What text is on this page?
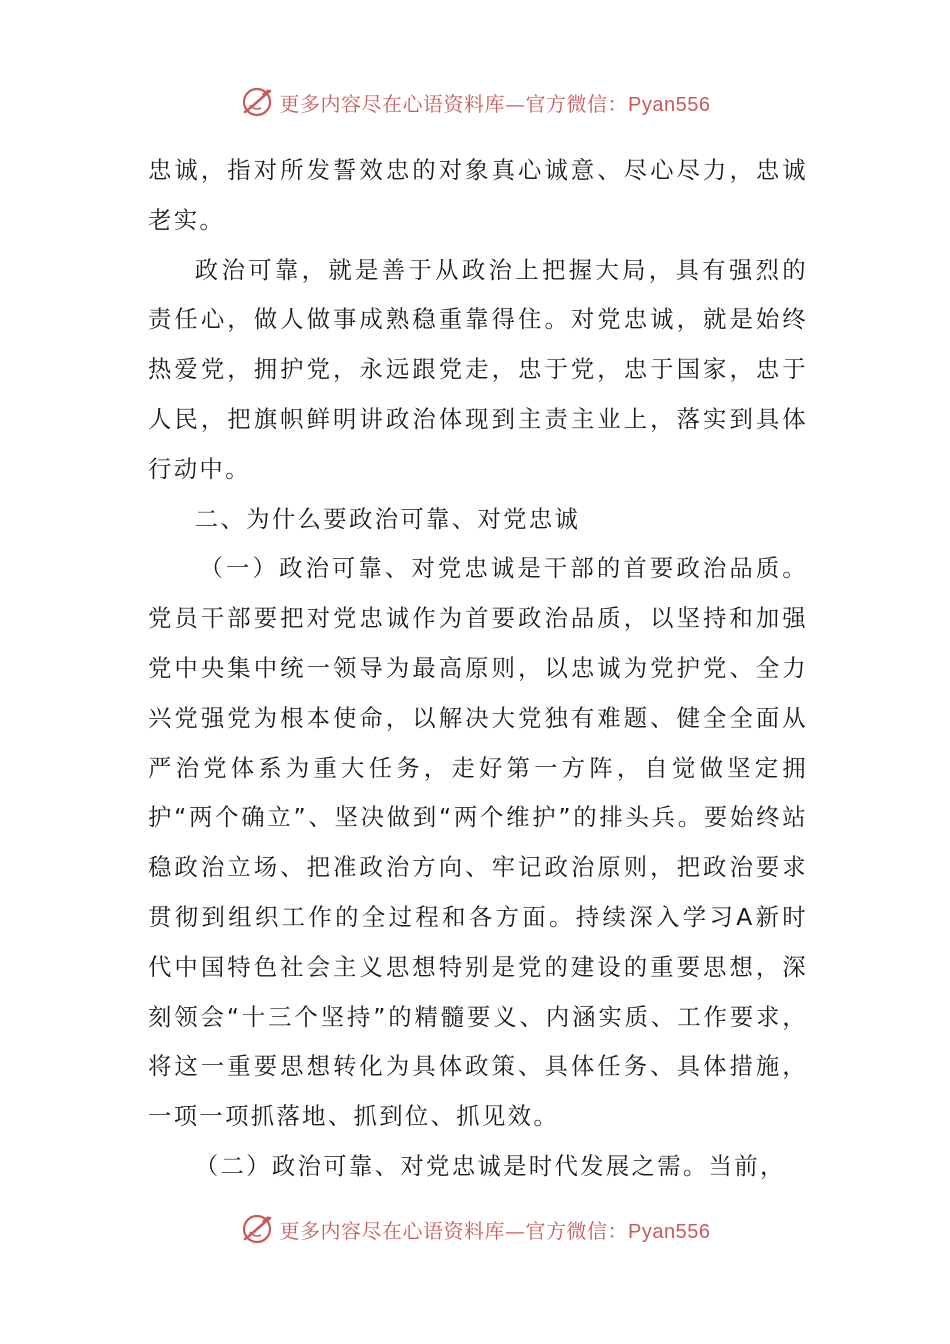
更多内容尽在心语资料库—官方微信：Pyan556

忠诚，指对所发誓效忠的对象真心诚意、尽心尽力，忠诚老实。

政治可靠，就是善于从政治上把握大局，具有强烈的责任心，做人做事成熟稳重靠得住。对党忠诚，就是始终热爱党，拥护党，永远跟党走，忠于党，忠于国家，忠于人民，把旗帜鲜明讲政治体现到主责主业上，落实到具体行动中。

二、为什么要政治可靠、对党忠诚

（一）政治可靠、对党忠诚是干部的首要政治品质。党员干部要把对党忠诚作为首要政治品质，以坚持和加强党中央集中统一领导为最高原则，以忠诚为党护党、全力兴党强党为根本使命，以解决大党独有难题、健全全面从严治党体系为重大任务，走好第一方阵，自觉做坚定拥护“两个确立”、坚决做到“两个维护”的排头兵。要始终站稳政治立场、把准政治方向、牢记政治原则，把政治要求贯彻到组织工作的全过程和各方面。持续深入学习A新时代中国特色社会主义思想特别是党的建设的重要思想，深刻领会“十三个坚持”的精髓要义、内涵实质、工作要求，将这一重要思想转化为具体政策、具体任务、具体措施，一项一项抓落地、抓到位、抓见效。

（二）政治可靠、对党忠诚是时代发展之需。当前，

更多内容尽在心语资料库—官方微信：Pyan556
